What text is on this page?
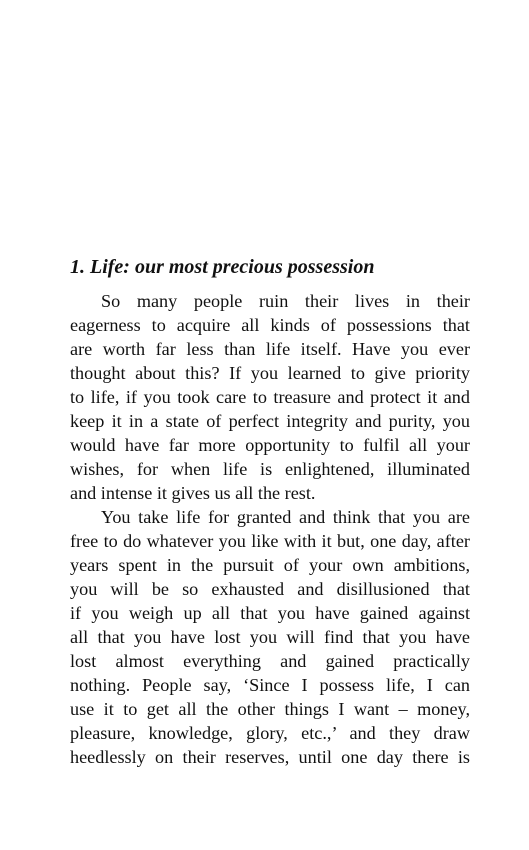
1. Life: our most precious possession

So many people ruin their lives in their

eagerness to acquire all kinds of possessions that

are worth far less than life itself. Have you ever

thought about this? If you learned to give priority

to life, if you took care to treasure and protect it and

keep it in a state of perfect integrity and purity, you

would have far more opportunity to fulfil all your

wishes, for when life is enlightened, illuminated

and intense it gives us all the rest.

You take life for granted and think that you are

free to do whatever you like with it but, one day, after

years spent in the pursuit of your own ambitions,

you will be so exhausted and disillusioned that

if you weigh up all that you have gained against

all that you have lost you will find that you have

lost almost everything and gained practically

nothing. People say, ‘Since I possess life, I can

use it to get all the other things I want – money,

pleasure, knowledge, glory, etc.,’ and they draw

heedlessly on their reserves, until one day there is
